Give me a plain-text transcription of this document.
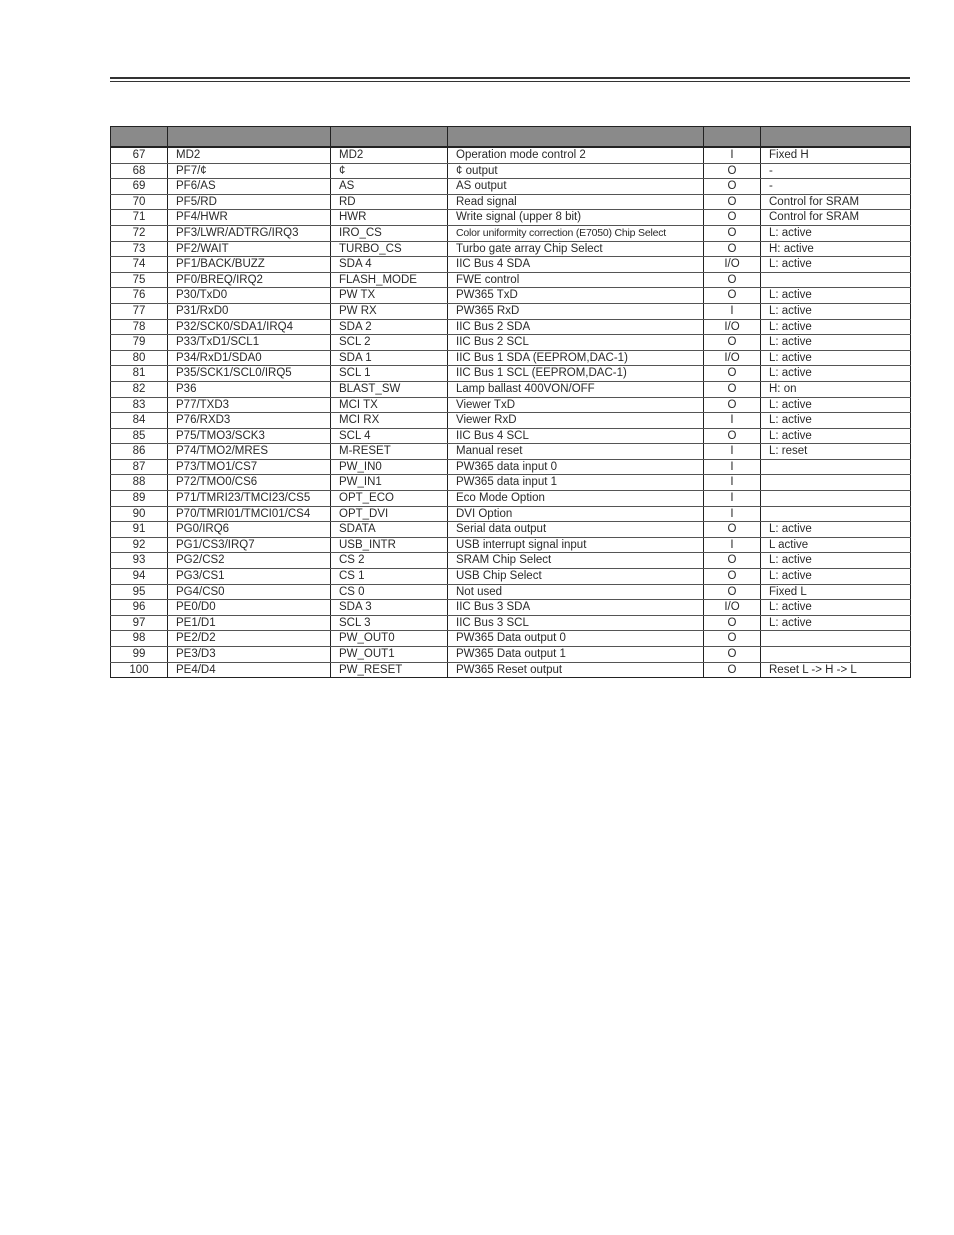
67	MD2	MD2	Operation mode control 2	I	Fixed H
68	PF7/¢	¢	¢ output	O	-
69	PF6/AS	AS	AS output	O	-
70	PF5/RD	RD	Read signal	O	Control for SRAM
71	PF4/HWR	HWR	Write signal (upper 8 bit)	O	Control for SRAM
72	PF3/LWR/ADTRG/IRQ3	IRO_CS	Color uniformity correction (E7050) Chip Select	O	L: active
73	PF2/WAIT	TURBO_CS	Turbo gate array Chip Select	O	H: active
74	PF1/BACK/BUZZ	SDA 4	IIC Bus 4 SDA	I/O	L: active
75	PF0/BREQ/IRQ2	FLASH_MODE	FWE control	O	
76	P30/TxD0	PW TX	PW365 TxD	O	L: active
77	P31/RxD0	PW RX	PW365 RxD	I	L: active
78	P32/SCK0/SDA1/IRQ4	SDA 2	IIC Bus 2 SDA	I/O	L: active
79	P33/TxD1/SCL1	SCL 2	IIC Bus 2 SCL	O	L: active
80	P34/RxD1/SDA0	SDA 1	IIC Bus 1 SDA (EEPROM,DAC-1)	I/O	L: active
81	P35/SCK1/SCL0/IRQ5	SCL 1	IIC Bus 1 SCL (EEPROM,DAC-1)	O	L: active
82	P36	BLAST_SW	Lamp ballast 400VON/OFF	O	H: on
83	P77/TXD3	MCI TX	Viewer TxD	O	L: active
84	P76/RXD3	MCI RX	Viewer RxD	I	L: active
85	P75/TMO3/SCK3	SCL 4	IIC Bus 4 SCL	O	L: active
86	P74/TMO2/MRES	M-RESET	Manual reset	I	L: reset
87	P73/TMO1/CS7	PW_IN0	PW365 data input 0	I	
88	P72/TMO0/CS6	PW_IN1	PW365 data input 1	I	
89	P71/TMRI23/TMCI23/CS5	OPT_ECO	Eco Mode Option	I	
90	P70/TMRI01/TMCI01/CS4	OPT_DVI	DVI Option	I	
91	PG0/IRQ6	SDATA	Serial data output	O	L: active
92	PG1/CS3/IRQ7	USB_INTR	USB interrupt signal input	I	L active
93	PG2/CS2	CS 2	SRAM Chip Select	O	L: active
94	PG3/CS1	CS 1	USB Chip Select	O	L: active
95	PG4/CS0	CS 0	Not used	O	Fixed L
96	PE0/D0	SDA 3	IIC Bus 3 SDA	I/O	L: active
97	PE1/D1	SCL 3	IIC Bus 3 SCL	O	L: active
98	PE2/D2	PW_OUT0	PW365 Data output 0	O	
99	PE3/D3	PW_OUT1	PW365 Data output 1	O	
100	PE4/D4	PW_RESET	PW365 Reset output	O	Reset L -> H -> L
